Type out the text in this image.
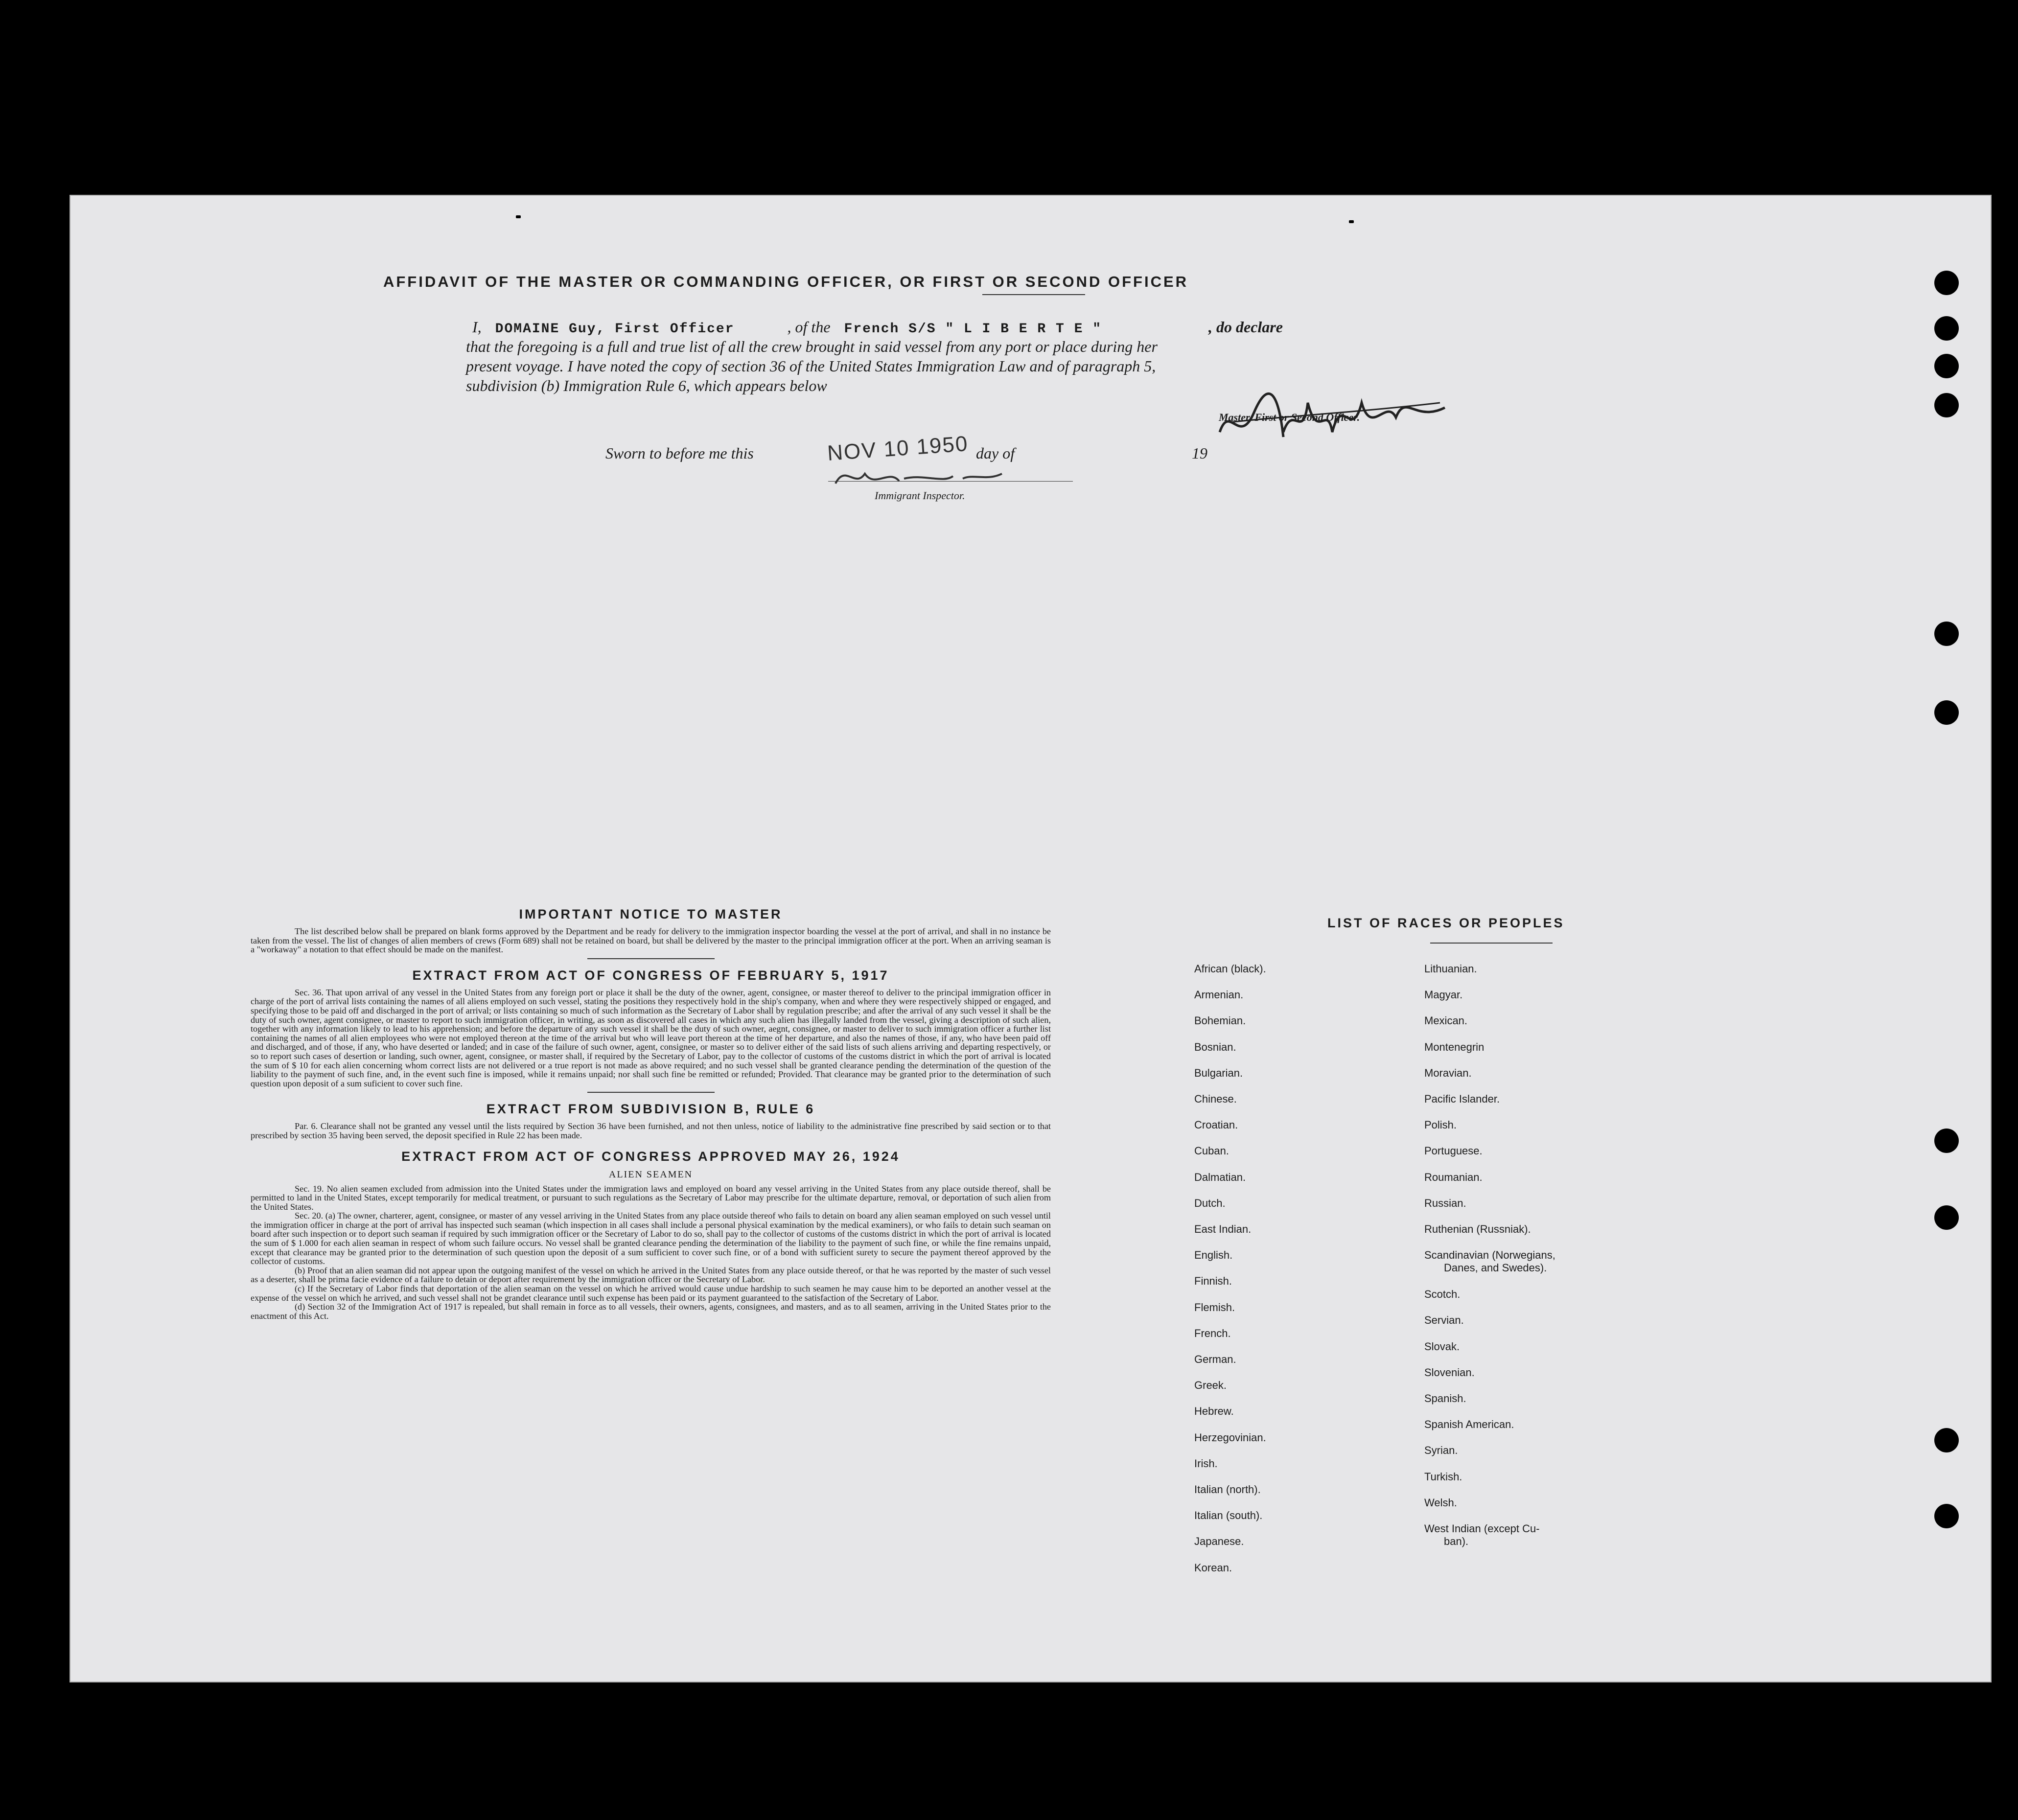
AFFIDAVIT OF THE MASTER OR COMMANDING OFFICER, OR FIRST OR SECOND OFFICER
I, DOMAINE Guy, First Officer	, of the French S/S " L I B E R T E "	, do declare
that the foregoing is a full and true list of all the crew brought in said vessel from any port or place during her
present voyage. I have noted the copy of section 36 of the United States Immigration Law and of paragraph 5,
subdivision (b) Immigration Rule 6, which appears below
Master, First or Second Officer.
Sworn to before me this	NOV 10 1950 day of	19
Immigrant Inspector.
IMPORTANT NOTICE TO MASTER

The list described below shall be prepared on blank forms approved by the Department and be ready for delivery to the immigration inspector boarding the vessel at the port of arrival, and shall in no instance be taken from the vessel. The list of changes of alien members of crews (Form 689) shall not be retained on board, but shall be delivered by the master to the principal immigration officer at the port. When an arriving seaman is a "workaway" a notation to that effect should be made on the manifest.

EXTRACT FROM ACT OF CONGRESS OF FEBRUARY 5, 1917

Sec. 36. That upon arrival of any vessel in the United States from any foreign port or place it shall be the duty of the owner, agent, consignee, or master thereof to deliver to the principal immigration officer in charge of the port of arrival lists containing the names of all aliens employed on such vessel, stating the positions they respectively hold in the ship's company, when and where they were respectively shipped or engaged, and specifying those to be paid off and discharged in the port of arrival; or lists containing so much of such information as the Secretary of Labor shall by regulation prescribe; and after the arrival of any such vessel it shall be the duty of such owner, agent consignee, or master to report to such immigration officer, in writing, as soon as discovered all cases in which any such alien has illegally landed from the vessel, giving a description of such alien, together with any information likely to lead to his apprehension; and before the departure of any such vessel it shall be the duty of such owner, aegnt, consignee, or master to deliver to such immigration officer a further list containing the names of all alien employees who were not employed thereon at the time of the arrival but who will leave port thereon at the time of her departure, and also the names of those, if any, who have been paid off and discharged, and of those, if any, who have deserted or landed; and in case of the failure of such owner, agent, consignee, or master so to deliver either of the said lists of such aliens arriving and departing respectively, or so to report such cases of desertion or landing, such owner, agent, consignee, or master shall, if required by the Secretary of Labor, pay to the collector of customs of the customs district in which the port of arrival is located the sum of $ 10 for each alien concerning whom correct lists are not delivered or a true report is not made as above required; and no such vessel shall be granted clearance pending the determination of the question of the liability to the payment of such fine, and, in the event such fine is imposed, while it remains unpaid; nor shall such fine be remitted or refunded; Provided. That clearance may be granted prior to the determination of such question upon deposit of a sum suficient to cover such fine.

EXTRACT FROM SUBDIVISION B, RULE 6

Par. 6. Clearance shall not be granted any vessel until the lists required by Section 36 have been furnished, and not then unless, notice of liability to the administrative fine prescribed by said section or to that prescribed by section 35 having been served, the deposit specified in Rule 22 has been made.

EXTRACT FROM ACT OF CONGRESS APPROVED MAY 26, 1924
ALIEN SEAMEN

Sec. 19. No alien seamen excluded from admission into the United States under the immigration laws and employed on board any vessel arriving in the United States from any place outside thereof, shall be permitted to land in the United States, except temporarily for medical treatment, or pursuant to such regulations as the Secretary of Labor may prescribe for the ultimate departure, removal, or deportation of such alien from the United States.

Sec. 20. (a) The owner, charterer, agent, consignee, or master of any vessel arriving in the United States from any place outside thereof who fails to detain on board any alien seaman employed on such vessel until the immigration officer in charge at the port of arrival has inspected such seaman (which inspection in all cases shall include a personal physical examination by the medical examiners), or who fails to detain such seaman on board after such inspection or to deport such seaman if required by such immigration officer or the Secretary of Labor to do so, shall pay to the collector of customs of the customs district in which the port of arrival is located the sum of $ 1.000 for each alien seaman in respect of whom such failure occurs. No vessel shall be granted clearance pending the determination of the liability to the payment of such fine, or while the fine remains unpaid, except that clearance may be granted prior to the determination of such question upon the deposit of a sum sufficient to cover such fine, or of a bond with sufficient surety to secure the payment thereof approved by the collector of customs.

(b) Proof that an alien seaman did not appear upon the outgoing manifest of the vessel on which he arrived in the United States from any place outside thereof, or that he was reported by the master of such vessel as a deserter, shall be prima facie evidence of a failure to detain or deport after requirement by the immigration officer or the Secretary of Labor.

(c) If the Secretary of Labor finds that deportation of the alien seaman on the vessel on which he arrived would cause undue hardship to such seamen he may cause him to be deported an another vessel at the expense of the vessel on which he arrived, and such vessel shall not be grandet clearance until such expense has been paid or its payment guaranteed to the satisfaction of the Secretary of Labor.

(d) Section 32 of the Immigration Act of 1917 is repealed, but shall remain in force as to all vessels, their owners, agents, consignees, and masters, and as to all seamen, arriving in the United States prior to the enactment of this Act.

LIST OF RACES OR PEOPLES
African (black).
Armenian.
Bohemian.
Bosnian.
Bulgarian.
Chinese.
Croatian.
Cuban.
Dalmatian.
Dutch.
East Indian.
English.
Finnish.
Flemish.
French.
German.
Greek.
Hebrew.
Herzegovinian.
Irish.
Italian (north).
Italian (south).
Japanese.
Korean.
Lithuanian.
Magyar.
Mexican.
Montenegrin
Moravian.
Pacific Islander.
Polish.
Portuguese.
Roumanian.
Russian.
Ruthenian (Russniak).
Scandinavian (Norwegians,
Danes, and Swedes).
Scotch.
Servian.
Slovak.
Slovenian.
Spanish.
Spanish American.
Syrian.
Turkish.
Welsh.
West Indian (except Cu-
ban).
